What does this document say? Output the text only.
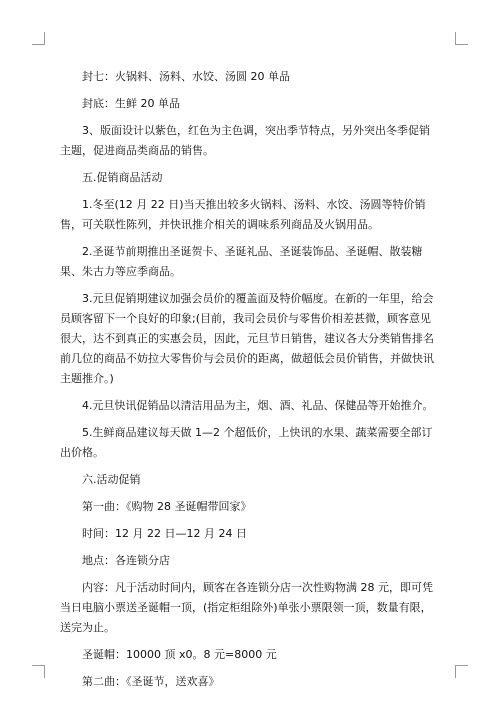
封七：火锅料、汤料、水饺、汤圆 20 单品

封底：生鲜 20 单品

3、版面设计以紫色，红色为主色调，突出季节特点，另外突出冬季促销主题，促进商品类商品的销售。

五.促销商品活动

1.冬至(12 月 22 日)当天推出较多火锅料、汤料、水饺、汤圆等特价销售，可关联性陈列，并快讯推介相关的调味系列商品及火锅用品。

2.圣诞节前期推出圣诞贺卡、圣诞礼品、圣诞装饰品、圣诞帽、散装糖果、朱古力等应季商品。

3.元旦促销期建议加强会员价的覆盖面及特价幅度。在新的一年里，给会员顾客留下一个良好的印象;(目前，我司会员价与零售价相差甚微，顾客意见很大，达不到真正的实惠会员，因此，元旦节日销售，建议各大分类销售排名前几位的商品不妨拉大零售价与会员价的距离，做超低会员价销售，并做快讯主题推介。)

4.元旦快讯促销品以清洁用品为主，烟、酒、礼品、保健品等开始推介。

5.生鲜商品建议每天做 1—2 个超低价，上快讯的水果、蔬菜需要全部订出价格。

六.活动促销

第一曲：《购物 28 圣诞帽带回家》

时间：12 月 22 日—12 月 24 日

地点：各连锁分店

内容：凡于活动时间内，顾客在各连锁分店一次性购物满 28 元，即可凭当日电脑小票送圣诞帽一顶，(指定柜组除外)单张小票限领一顶，数量有限，送完为止。

圣诞帽：10000 顶 x0。8 元=8000 元

第二曲：《圣诞节，送欢喜》
